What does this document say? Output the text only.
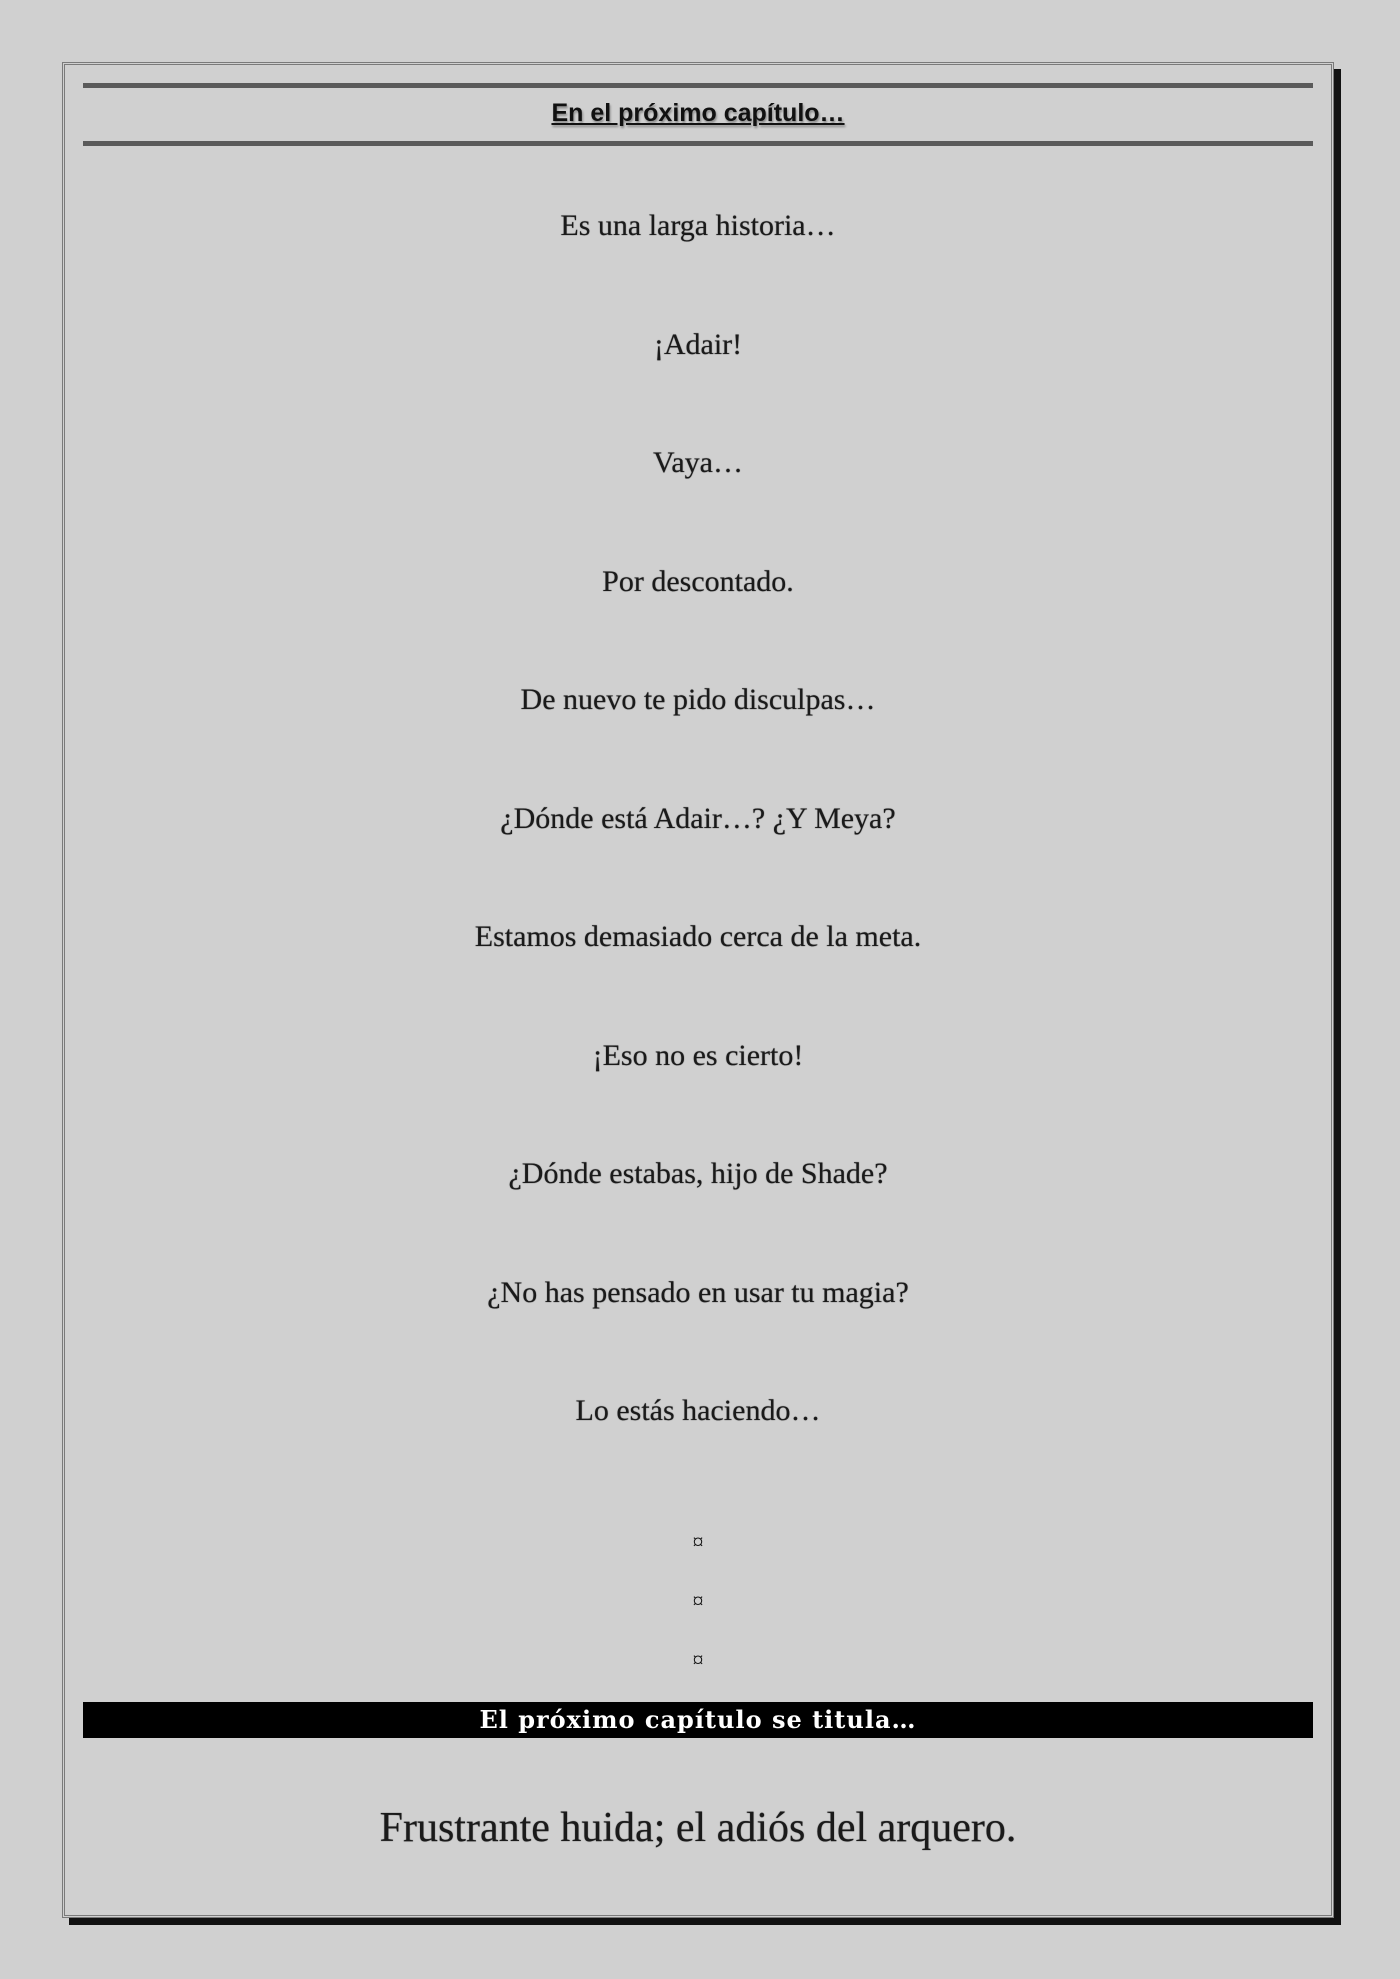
En el próximo capítulo…
Es una larga historia…
¡Adair!
Vaya…
Por descontado.
De nuevo te pido disculpas…
¿Dónde está Adair…? ¿Y Meya?
Estamos demasiado cerca de la meta.
¡Eso no es cierto!
¿Dónde estabas, hijo de Shade?
¿No has pensado en usar tu magia?
Lo estás haciendo…
¤
¤
¤
El próximo capítulo se titula…
Frustrante huida; el adiós del arquero.
